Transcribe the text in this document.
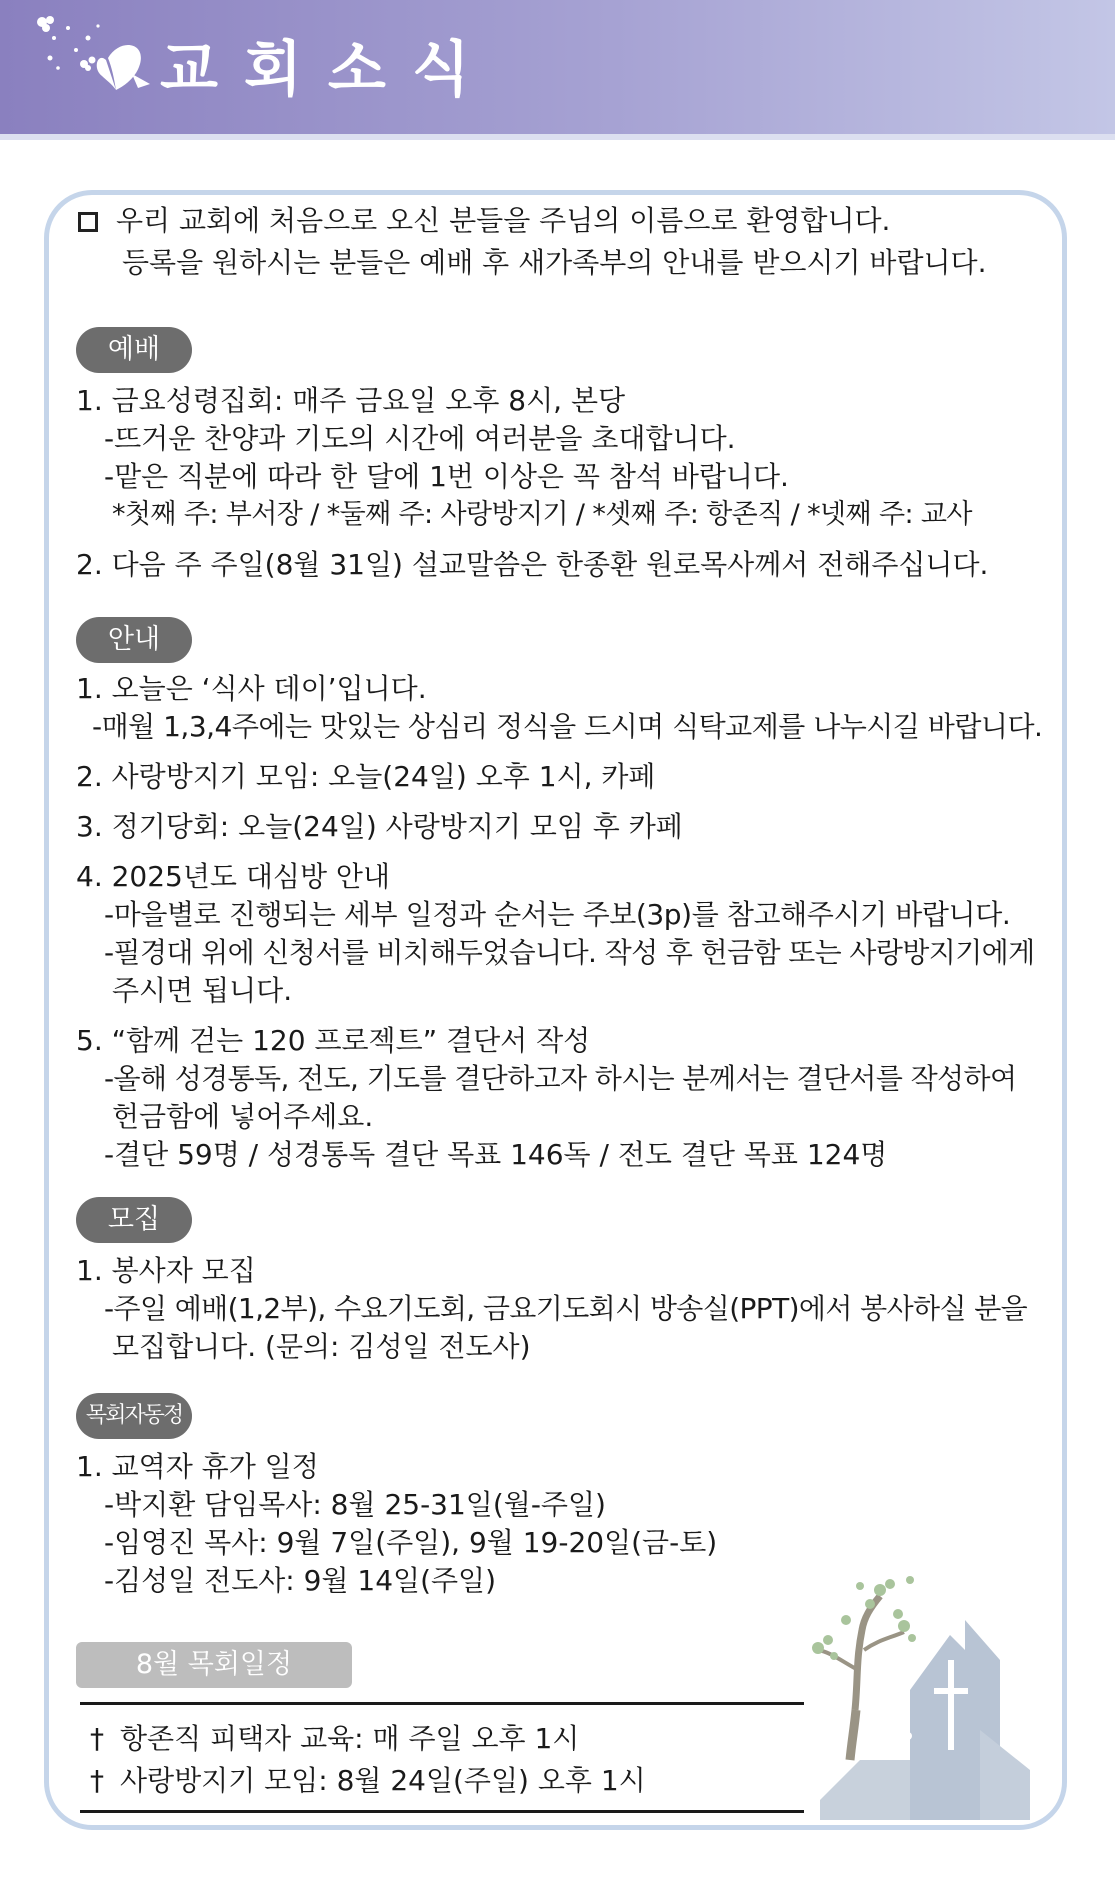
교회소식
우리 교회에 처음으로 오신 분들을 주님의 이름으로 환영합니다.
등록을 원하시는 분들은 예배 후 새가족부의 안내를 받으시기 바랍니다.
예배
1. 금요성령집회: 매주 금요일 오후 8시, 본당
-뜨거운 찬양과 기도의 시간에 여러분을 초대합니다.
-맡은 직분에 따라 한 달에 1번 이상은 꼭 참석 바랍니다.
*첫째 주: 부서장 / *둘째 주: 사랑방지기 / *셋째 주: 항존직 / *넷째 주: 교사
2. 다음 주 주일(8월 31일) 설교말씀은 한종환 원로목사께서 전해주십니다.
안내
1. 오늘은 ‘식사 데이’입니다.
-매월 1,3,4주에는 맛있는 상심리 정식을 드시며 식탁교제를 나누시길 바랍니다.
2. 사랑방지기 모임: 오늘(24일) 오후 1시, 카페
3. 정기당회: 오늘(24일) 사랑방지기 모임 후 카페
4. 2025년도 대심방 안내
-마을별로 진행되는 세부 일정과 순서는 주보(3p)를 참고해주시기 바랍니다.
-필경대 위에 신청서를 비치해두었습니다. 작성 후 헌금함 또는 사랑방지기에게
주시면 됩니다.
5. “함께 걷는 120 프로젝트” 결단서 작성
-올해 성경통독, 전도, 기도를 결단하고자 하시는 분께서는 결단서를 작성하여
헌금함에 넣어주세요.
-결단 59명 / 성경통독 결단 목표 146독 / 전도 결단 목표 124명
모집
1. 봉사자 모집
-주일 예배(1,2부), 수요기도회, 금요기도회시 방송실(PPT)에서 봉사하실 분을
모집합니다. (문의: 김성일 전도사)
목회자동정
1. 교역자 휴가 일정
-박지환 담임목사: 8월 25-31일(월-주일)
-임영진 목사: 9월 7일(주일), 9월 19-20일(금-토)
-김성일 전도사: 9월 14일(주일)
8월 목회일정
† 항존직 피택자 교육: 매 주일 오후 1시
† 사랑방지기 모임: 8월 24일(주일) 오후 1시
